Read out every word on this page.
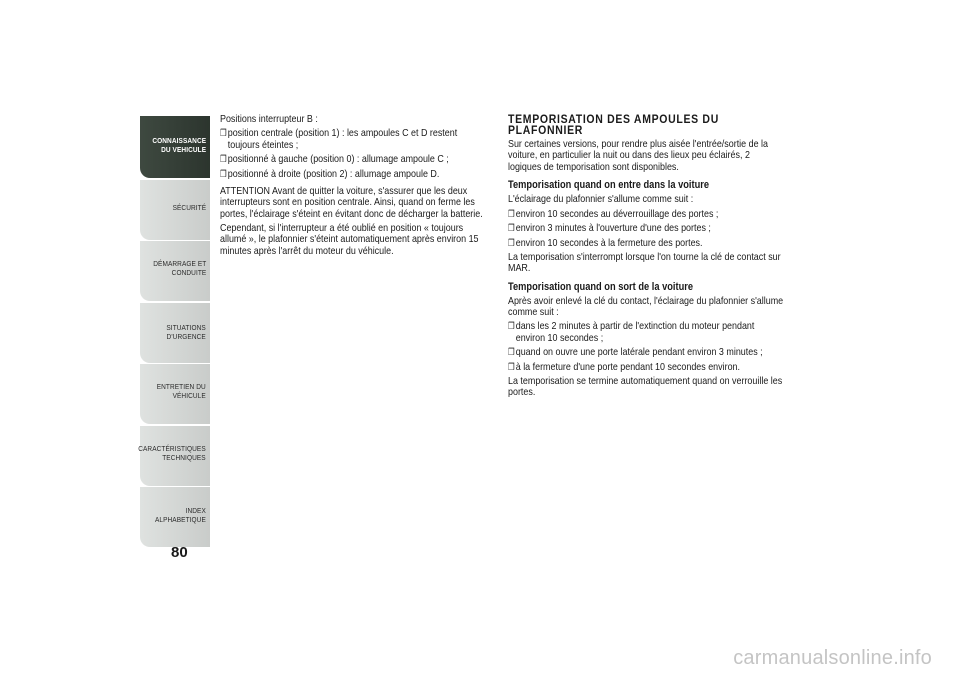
CONNAISSANCE
DU VEHICULE
SÉCURITÉ
DÉMARRAGE ET
CONDUITE
SITUATIONS
D'URGENCE
ENTRETIEN DU
VÉHICULE
CARACTÉRISTIQUES
TECHNIQUES
INDEX
ALPHABETIQUE
80

Positions interrupteur B :

❒ position centrale (position 1) : les ampoules C et D restent toujours éteintes ;

❒ positionné à gauche (position 0) : allumage ampoule C ;

❒ positionné à droite (position 2) : allumage ampoule D.

ATTENTION Avant de quitter la voiture, s'assurer que les deux interrupteurs sont en position centrale. Ainsi, quand on ferme les portes, l'éclairage s'éteint en évitant donc de décharger la batterie.

Cependant, si l'interrupteur a été oublié en position « toujours allumé », le plafonnier s'éteint automatiquement après environ 15 minutes après l'arrêt du moteur du véhicule.

TEMPORISATION DES AMPOULES DU PLAFONNIER

Sur certaines versions, pour rendre plus aisée l'entrée/sortie de la voiture, en particulier la nuit ou dans des lieux peu éclairés, 2 logiques de temporisation sont disponibles.

Temporisation quand on entre dans la voiture

L'éclairage du plafonnier s'allume comme suit :

❒ environ 10 secondes au déverrouillage des portes ;

❒ environ 3 minutes à l'ouverture d'une des portes ;

❒ environ 10 secondes à la fermeture des portes.

La temporisation s'interrompt lorsque l'on tourne la clé de contact sur MAR.

Temporisation quand on sort de la voiture

Après avoir enlevé la clé du contact, l'éclairage du plafonnier s'allume comme suit :

❒ dans les 2 minutes à partir de l'extinction du moteur pendant environ 10 secondes ;

❒ quand on ouvre une porte latérale pendant environ 3 minutes ;

❒ à la fermeture d'une porte pendant 10 secondes environ.

La temporisation se termine automatiquement quand on verrouille les portes.

carmanualsonline.info
